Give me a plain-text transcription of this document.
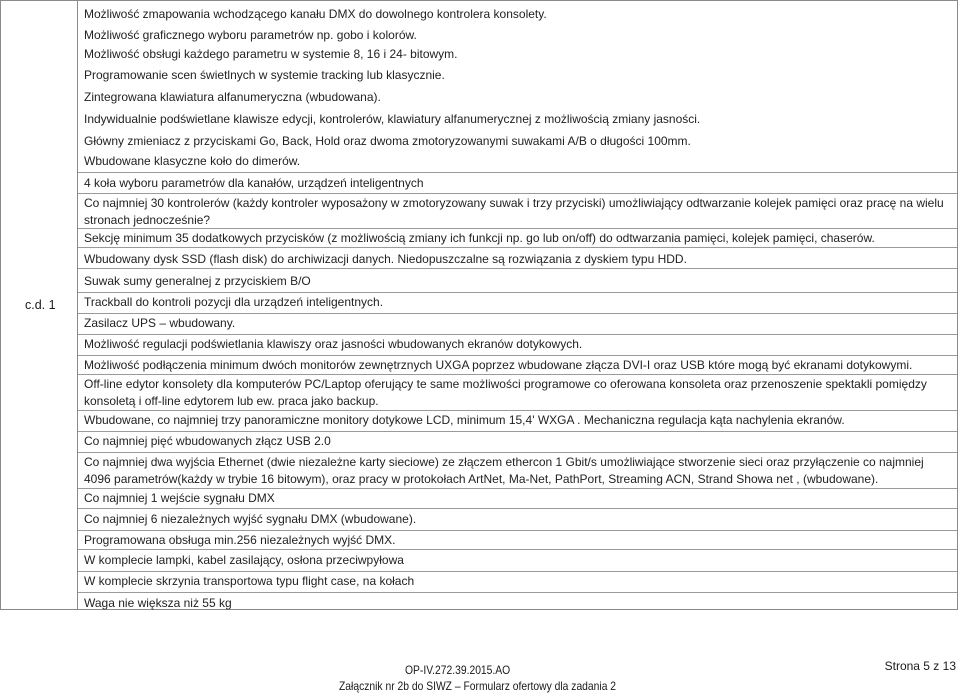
c.d. 1
Możliwość zmapowania wchodzącego kanału DMX do dowolnego kontrolera konsolety.
Możliwość graficznego wyboru parametrów np. gobo i kolorów.
Możliwość obsługi każdego parametru w systemie 8, 16 i 24- bitowym.
Programowanie scen świetlnych w systemie tracking lub klasycznie.
Zintegrowana klawiatura alfanumeryczna (wbudowana).
Indywidualnie podświetlane klawisze edycji, kontrolerów, klawiatury alfanumerycznej z możliwością zmiany jasności.
Główny zmieniacz z przyciskami Go, Back, Hold oraz dwoma zmotoryzowanymi suwakami A/B o długości 100mm.
Wbudowane klasyczne koło do dimerów.
4 koła wyboru parametrów dla kanałów, urządzeń inteligentnych
Co najmniej 30 kontrolerów (każdy kontroler wyposażony w zmotoryzowany suwak i trzy przyciski) umożliwiający odtwarzanie kolejek pamięci oraz pracę na wielu stronach jednocześnie?
Sekcję minimum 35 dodatkowych przycisków (z możliwością zmiany ich funkcji np. go lub on/off) do odtwarzania pamięci, kolejek pamięci, chaserów.
Wbudowany dysk SSD (flash disk) do archiwizacji danych. Niedopuszczalne są rozwiązania z dyskiem typu HDD.
Suwak sumy generalnej z przyciskiem B/O
Trackball do kontroli pozycji dla urządzeń inteligentnych.
Zasilacz UPS – wbudowany.
Możliwość regulacji podświetlania klawiszy oraz jasności wbudowanych ekranów dotykowych.
Możliwość podłączenia minimum dwóch monitorów zewnętrznych UXGA poprzez wbudowane złącza DVI-I oraz USB które mogą być ekranami dotykowymi.
Off-line edytor konsolety dla komputerów PC/Laptop oferujący te same możliwości programowe co oferowana konsoleta oraz przenoszenie spektakli pomiędzy konsoletą i off-line edytorem lub ew. praca jako backup.
Wbudowane, co najmniej trzy panoramiczne monitory dotykowe LCD, minimum 15,4' WXGA . Mechaniczna regulacja kąta nachylenia ekranów.
Co najmniej pięć wbudowanych złącz USB 2.0
Co najmniej dwa wyjścia Ethernet (dwie niezależne karty sieciowe) ze złączem ethercon 1 Gbit/s umożliwiające stworzenie sieci oraz przyłączenie co najmniej 4096 parametrów(każdy w trybie 16 bitowym), oraz pracy w protokołach ArtNet, Ma-Net, PathPort, Streaming ACN, Strand Showa net , (wbudowane).
Co najmniej 1 wejście sygnału DMX
Co najmniej 6 niezależnych wyjść sygnału DMX (wbudowane).
Programowana obsługa min.256 niezależnych wyjść DMX.
W komplecie lampki, kabel zasilający, osłona przeciwpyłowa
W komplecie skrzynia transportowa typu flight case, na kołach
Waga nie większa niż 55 kg
OP-IV.272.39.2015.AO
Załącznik nr 2b do SIWZ – Formularz ofertowy dla zadania 2
Strona 5 z 13
